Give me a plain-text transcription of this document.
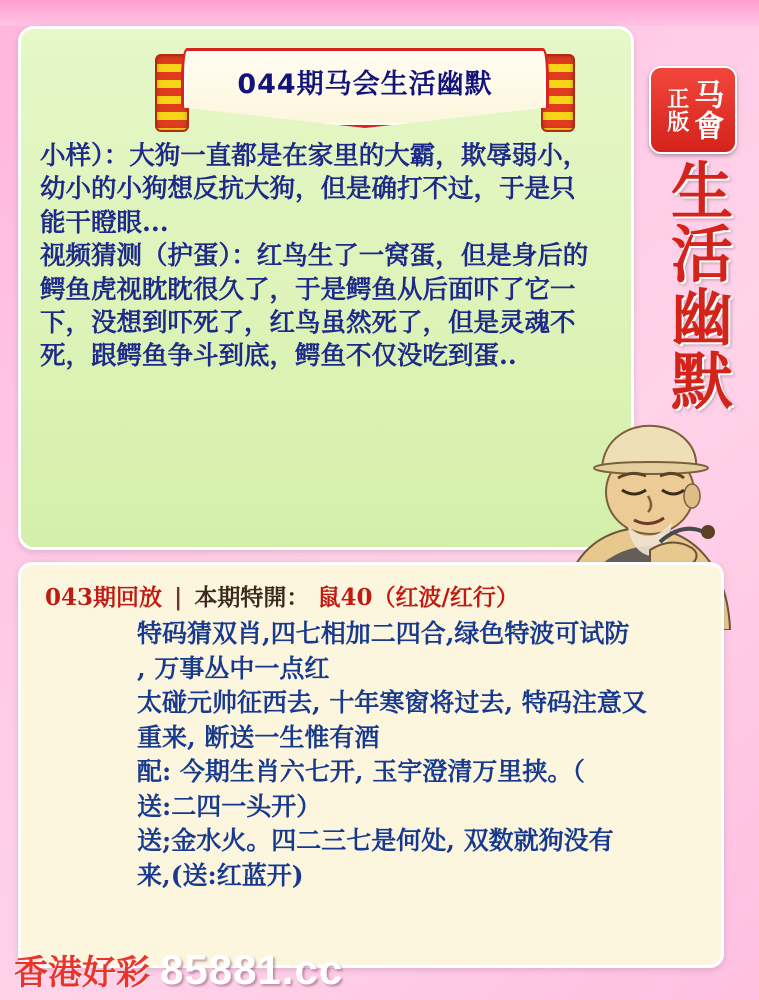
044期马会生活幽默

小样）：大狗一直都是在家里的大霸，欺辱弱小，幼小的小狗想反抗大狗，但是确打不过，于是只能干瞪眼...

视频猜测（护蛋）：红鸟生了一窝蛋，但是身后的鳄鱼虎视眈眈很久了，于是鳄鱼从后面吓了它一下，没想到吓死了，红鸟虽然死了，但是灵魂不死，跟鳄鱼争斗到底，鳄鱼不仅没吃到蛋..

正版
马會
生
活
幽
默
043期回放 | 本期特開： 鼠40（红波/红行）

特码猜双肖,四七相加二四合,绿色特波可试防

, 万事丛中一点红

太碰元帅征西去, 十年寒窗将过去, 特码注意又

重来, 断送一生惟有酒

配: 今期生肖六七开, 玉宇澄清万里挟。（

送:二四一头开）

送;金水火。四二三七是何处, 双数就狗没有

来,(送:红蓝开)

香港好彩 85881.cc
